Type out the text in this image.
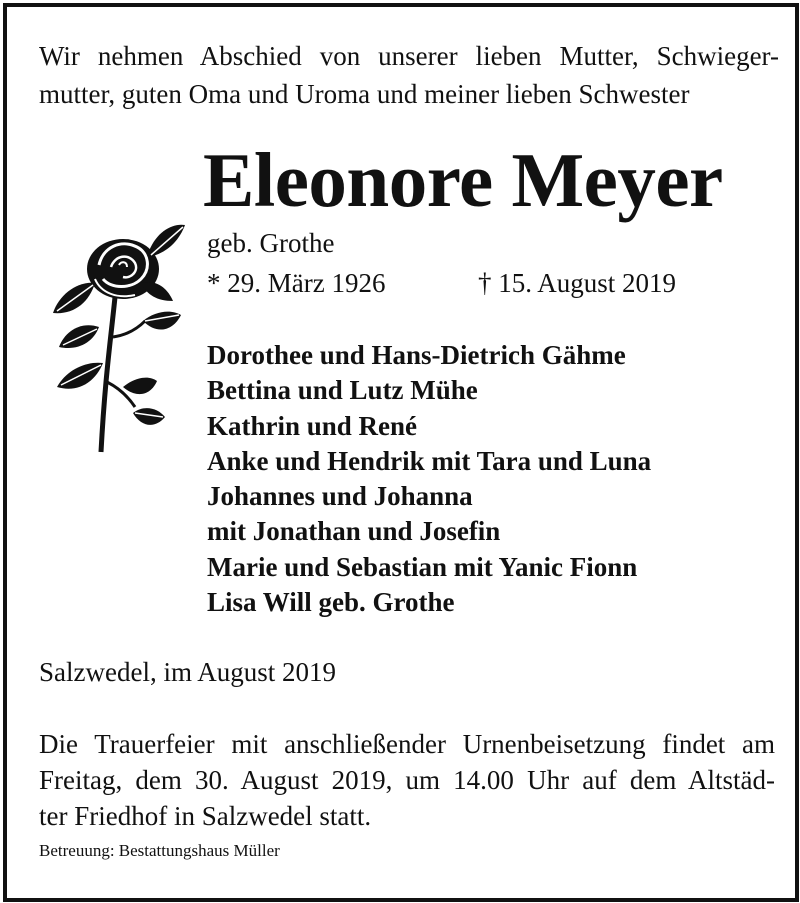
Wir nehmen Abschied von unserer lieben Mutter, Schwieger-
mutter, guten Oma und Uroma und meiner lieben Schwester
Eleonore Meyer
geb. Grothe
* 29. März 1926	† 15. August 2019
Dorothee und Hans-Dietrich Gähme
Bettina und Lutz Mühe
Kathrin und René
Anke und Hendrik mit Tara und Luna
Johannes und Johanna
mit Jonathan und Josefin
Marie und Sebastian mit Yanic Fionn
Lisa Will geb. Grothe
Salzwedel, im August 2019
Die Trauerfeier mit anschließender Urnenbeisetzung findet am
Freitag, dem 30. August 2019, um 14.00 Uhr auf dem Altstäd-
ter Friedhof in Salzwedel statt.
Betreuung: Bestattungshaus Müller
